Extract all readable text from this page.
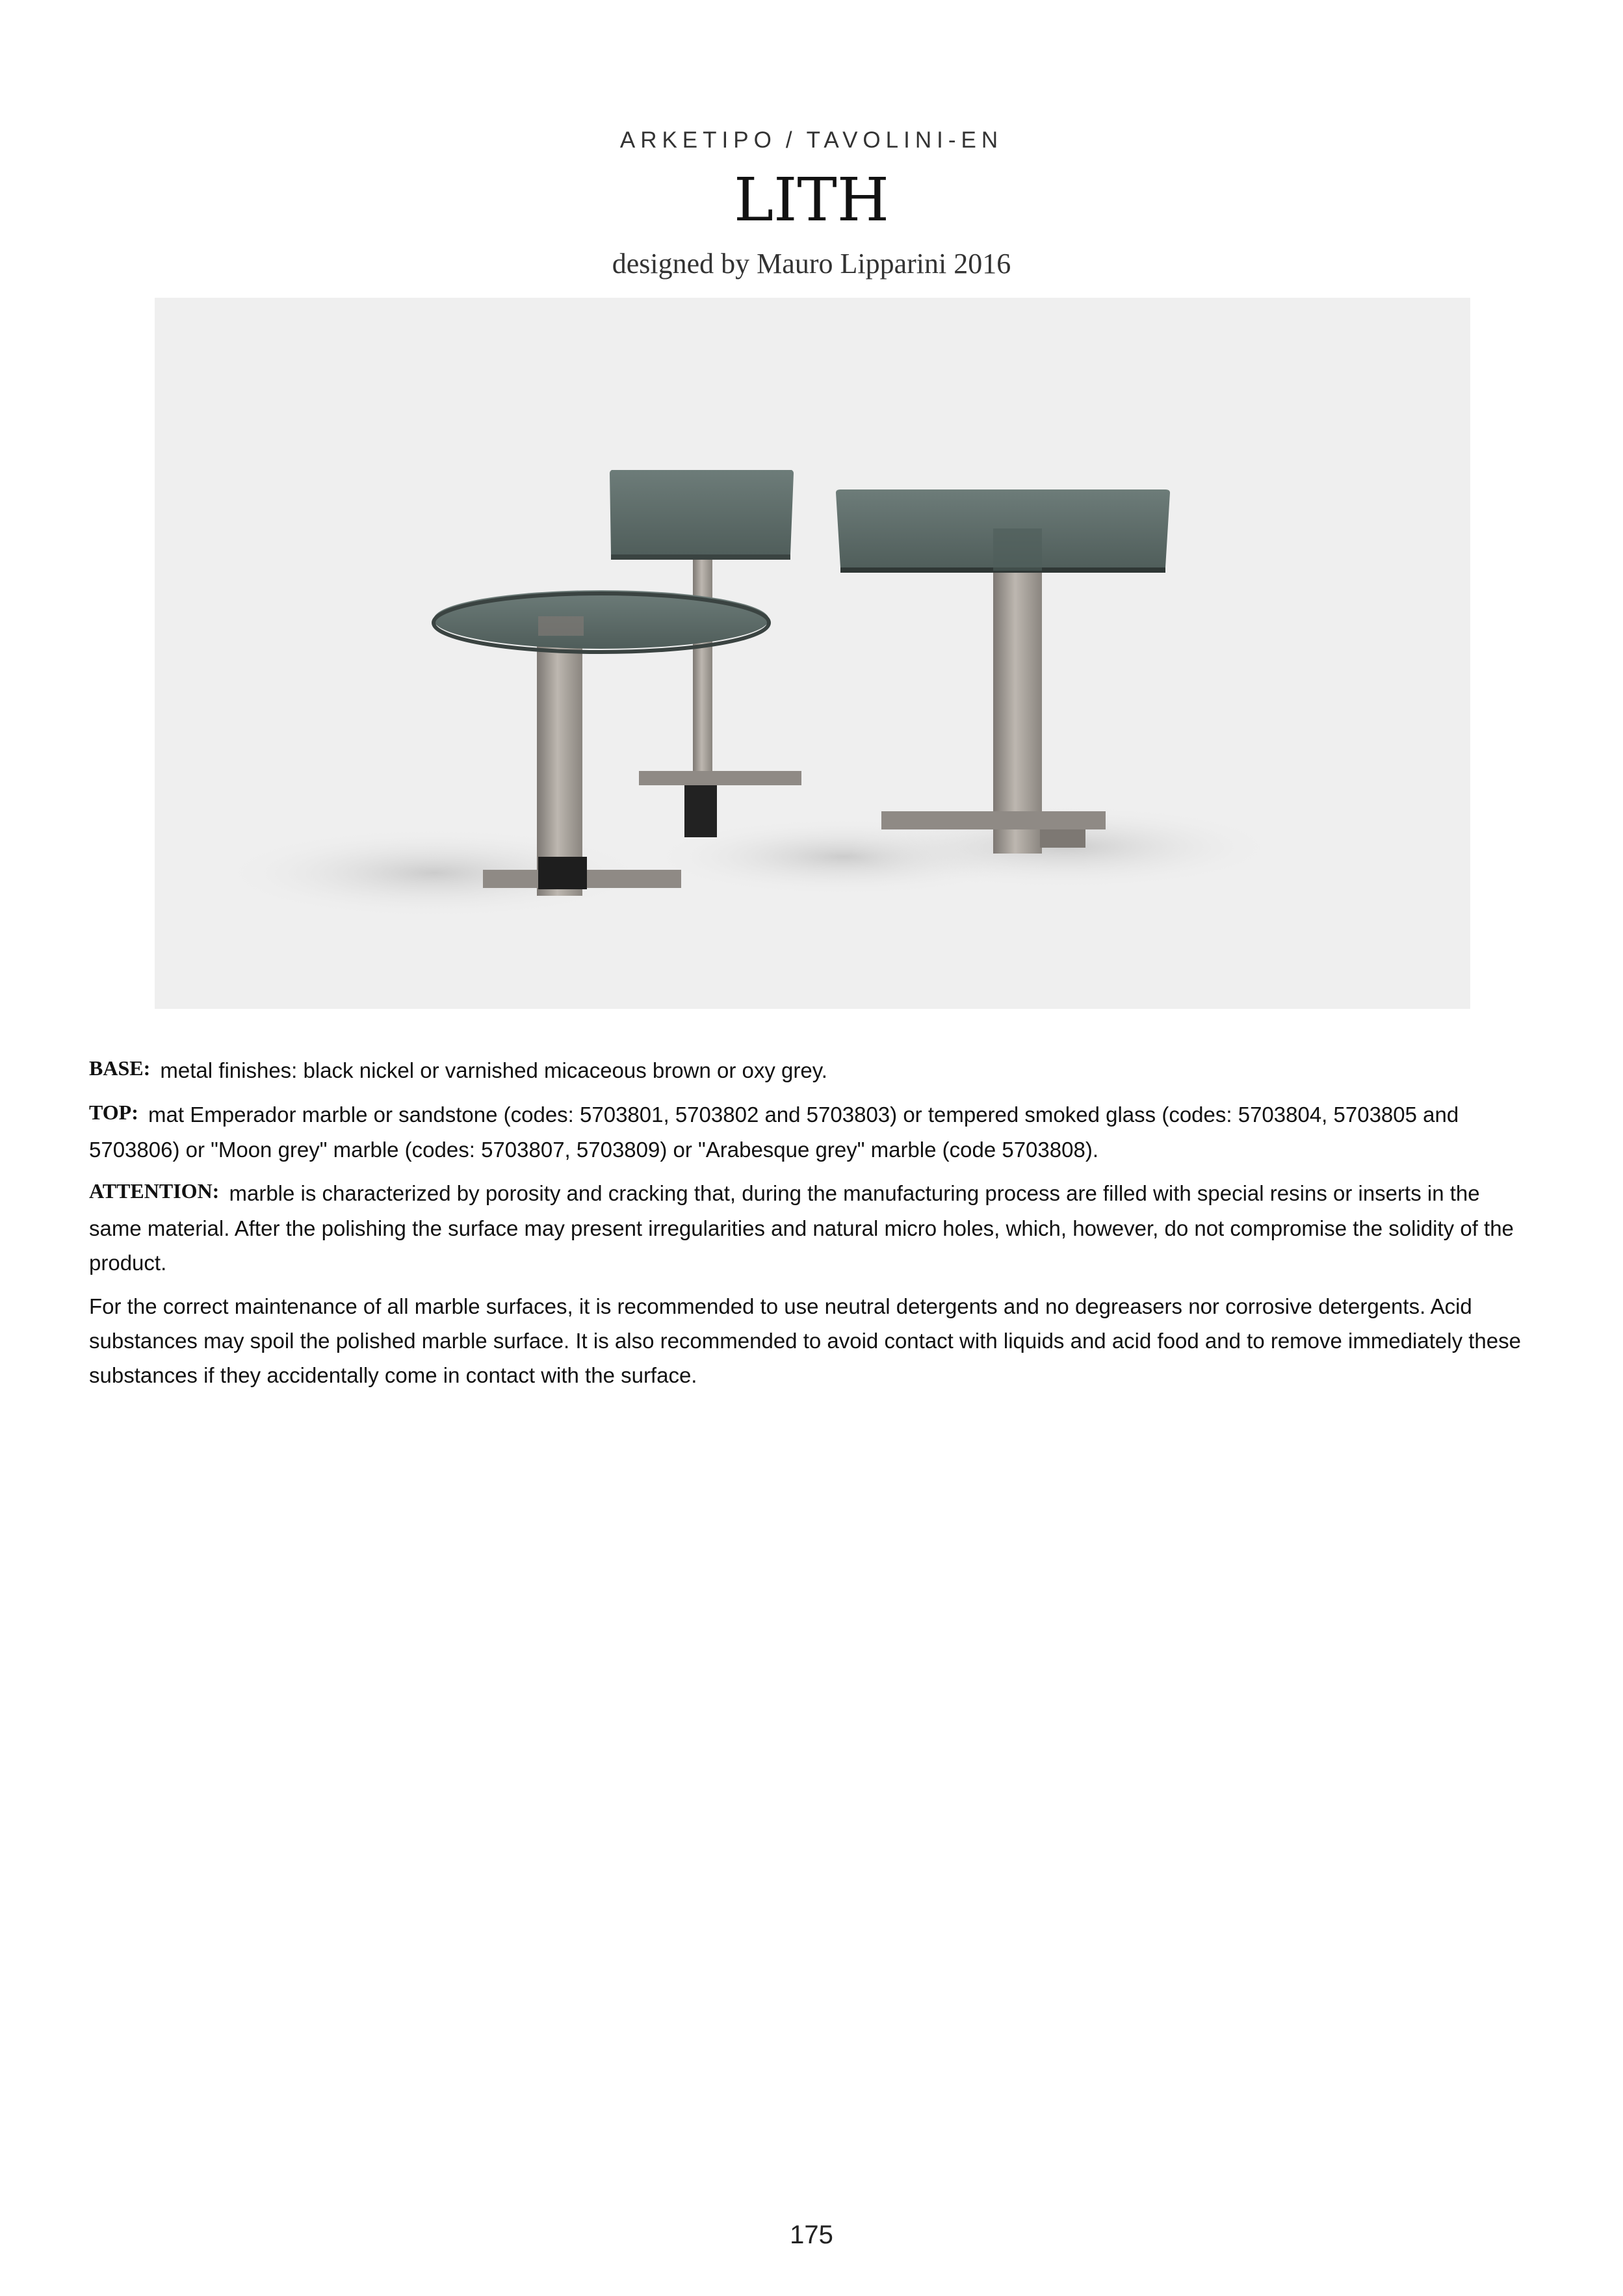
ARKETIPO / TAVOLINI-EN
LITH
designed by Mauro Lipparini 2016

BASE: metal finishes: black nickel or varnished micaceous brown or oxy grey.

TOP: mat Emperador marble or sandstone (codes: 5703801, 5703802 and 5703803) or tempered smoked glass (codes: 5703804, 5703805 and 5703806) or "Moon grey" marble (codes: 5703807, 5703809) or "Arabesque grey" marble (code 5703808).

ATTENTION: marble is characterized by porosity and cracking that, during the manufacturing process are filled with special resins or inserts in the same material. After the polishing the surface may present irregularities and natural micro holes, which, however, do not compromise the solidity of the product.

For the correct maintenance of all marble surfaces, it is recommended to use neutral detergents and no degreasers nor corrosive detergents. Acid substances may spoil the polished marble surface. It is also recommended to avoid contact with liquids and acid food and to remove immediately these substances if they accidentally come in contact with the surface.

175
